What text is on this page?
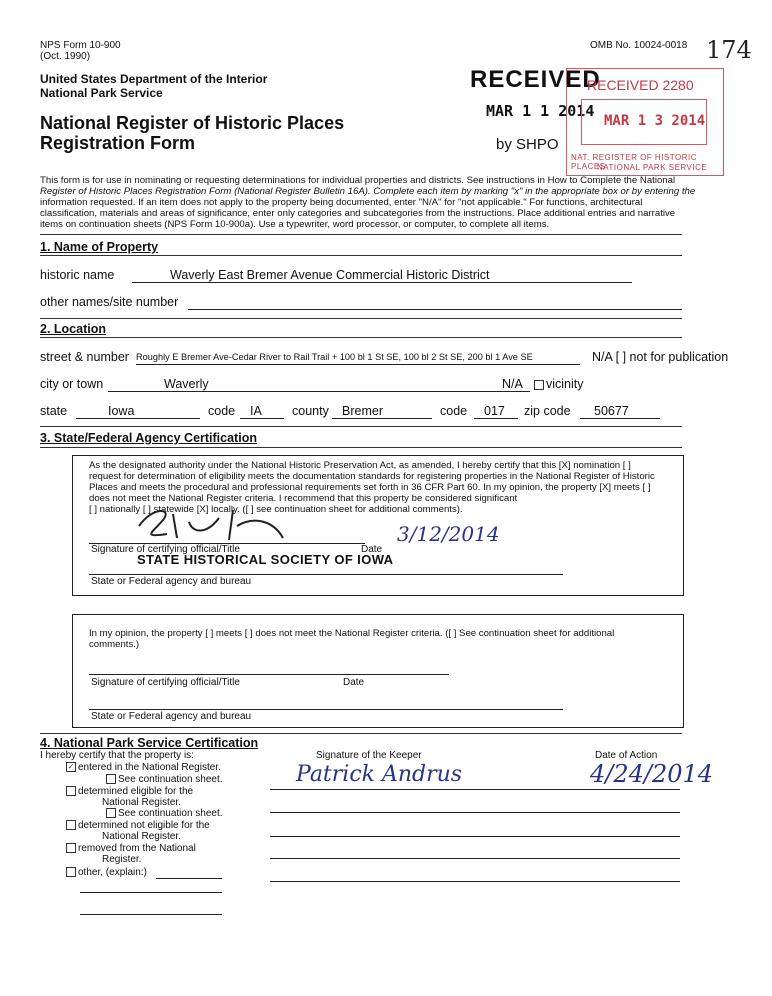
NPS Form 10-900
(Oct. 1990)
OMB No. 10024-0018 174
United States Department of the Interior
National Park Service
National Register of Historic Places
Registration Form
RECEIVED
MAR 1 1 2014
by SHPO
RECEIVED 2280
MAR 1 3 2014
NAT. REGISTER OF HISTORIC PLACES
NATIONAL PARK SERVICE
This form is for use in nominating or requesting determinations for individual properties and districts. See instructions in How to Complete the National
Register of Historic Places Registration Form (National Register Bulletin 16A). Complete each item by marking "x" in the appropriate box or by entering the
information requested. If an item does not apply to the property being documented, enter "N/A" for "not applicable." For functions, architectural
classification, materials and areas of significance, enter only categories and subcategories from the instructions. Place additional entries and narrative
items on continuation sheets (NPS Form 10-900a). Use a typewriter, word processor, or computer, to complete all items.
1. Name of Property
historic name	Waverly East Bremer Avenue Commercial Historic District
other names/site number
2. Location
street & number Roughly E Bremer Ave-Cedar River to Rail Trail + 100 bl 1 St SE, 100 bl 2 St SE, 200 bl 1 Ave SE	N/A [ ] not for publication
city or town	Waverly	N/A	vicinity
state	Iowa	code	IA	county	Bremer	code	017	zip code	50677
3. State/Federal Agency Certification
As the designated authority under the National Historic Preservation Act, as amended, I hereby certify that this [X] nomination [ ]
request for determination of eligibility meets the documentation standards for registering properties in the National Register of Historic
Places and meets the procedural and professional requirements set forth in 36 CFR Part 60. In my opinion, the property [X] meets [ ]
does not meet the National Register criteria. I recommend that this property be considered significant
[ ] nationally [ ] statewide [X] locally. ([ ] see continuation sheet for additional comments).
3/12/2014
Signature of certifying official/Title	Date
STATE HISTORICAL SOCIETY OF IOWA
State or Federal agency and bureau
In my opinion, the property [ ] meets [ ] does not meet the National Register criteria. ([ ] See continuation sheet for additional
comments.)
Signature of certifying official/Title	Date
State or Federal agency and bureau
4. National Park Service Certification
I hereby certify that the property is:	Signature of the Keeper	Date of Action
Patrick Andrus	4/24/2014
✓ entered in the National Register.
See continuation sheet.
determined eligible for the
National Register.
See continuation sheet.
determined not eligible for the
National Register.
removed from the National
Register.
other, (explain:)
